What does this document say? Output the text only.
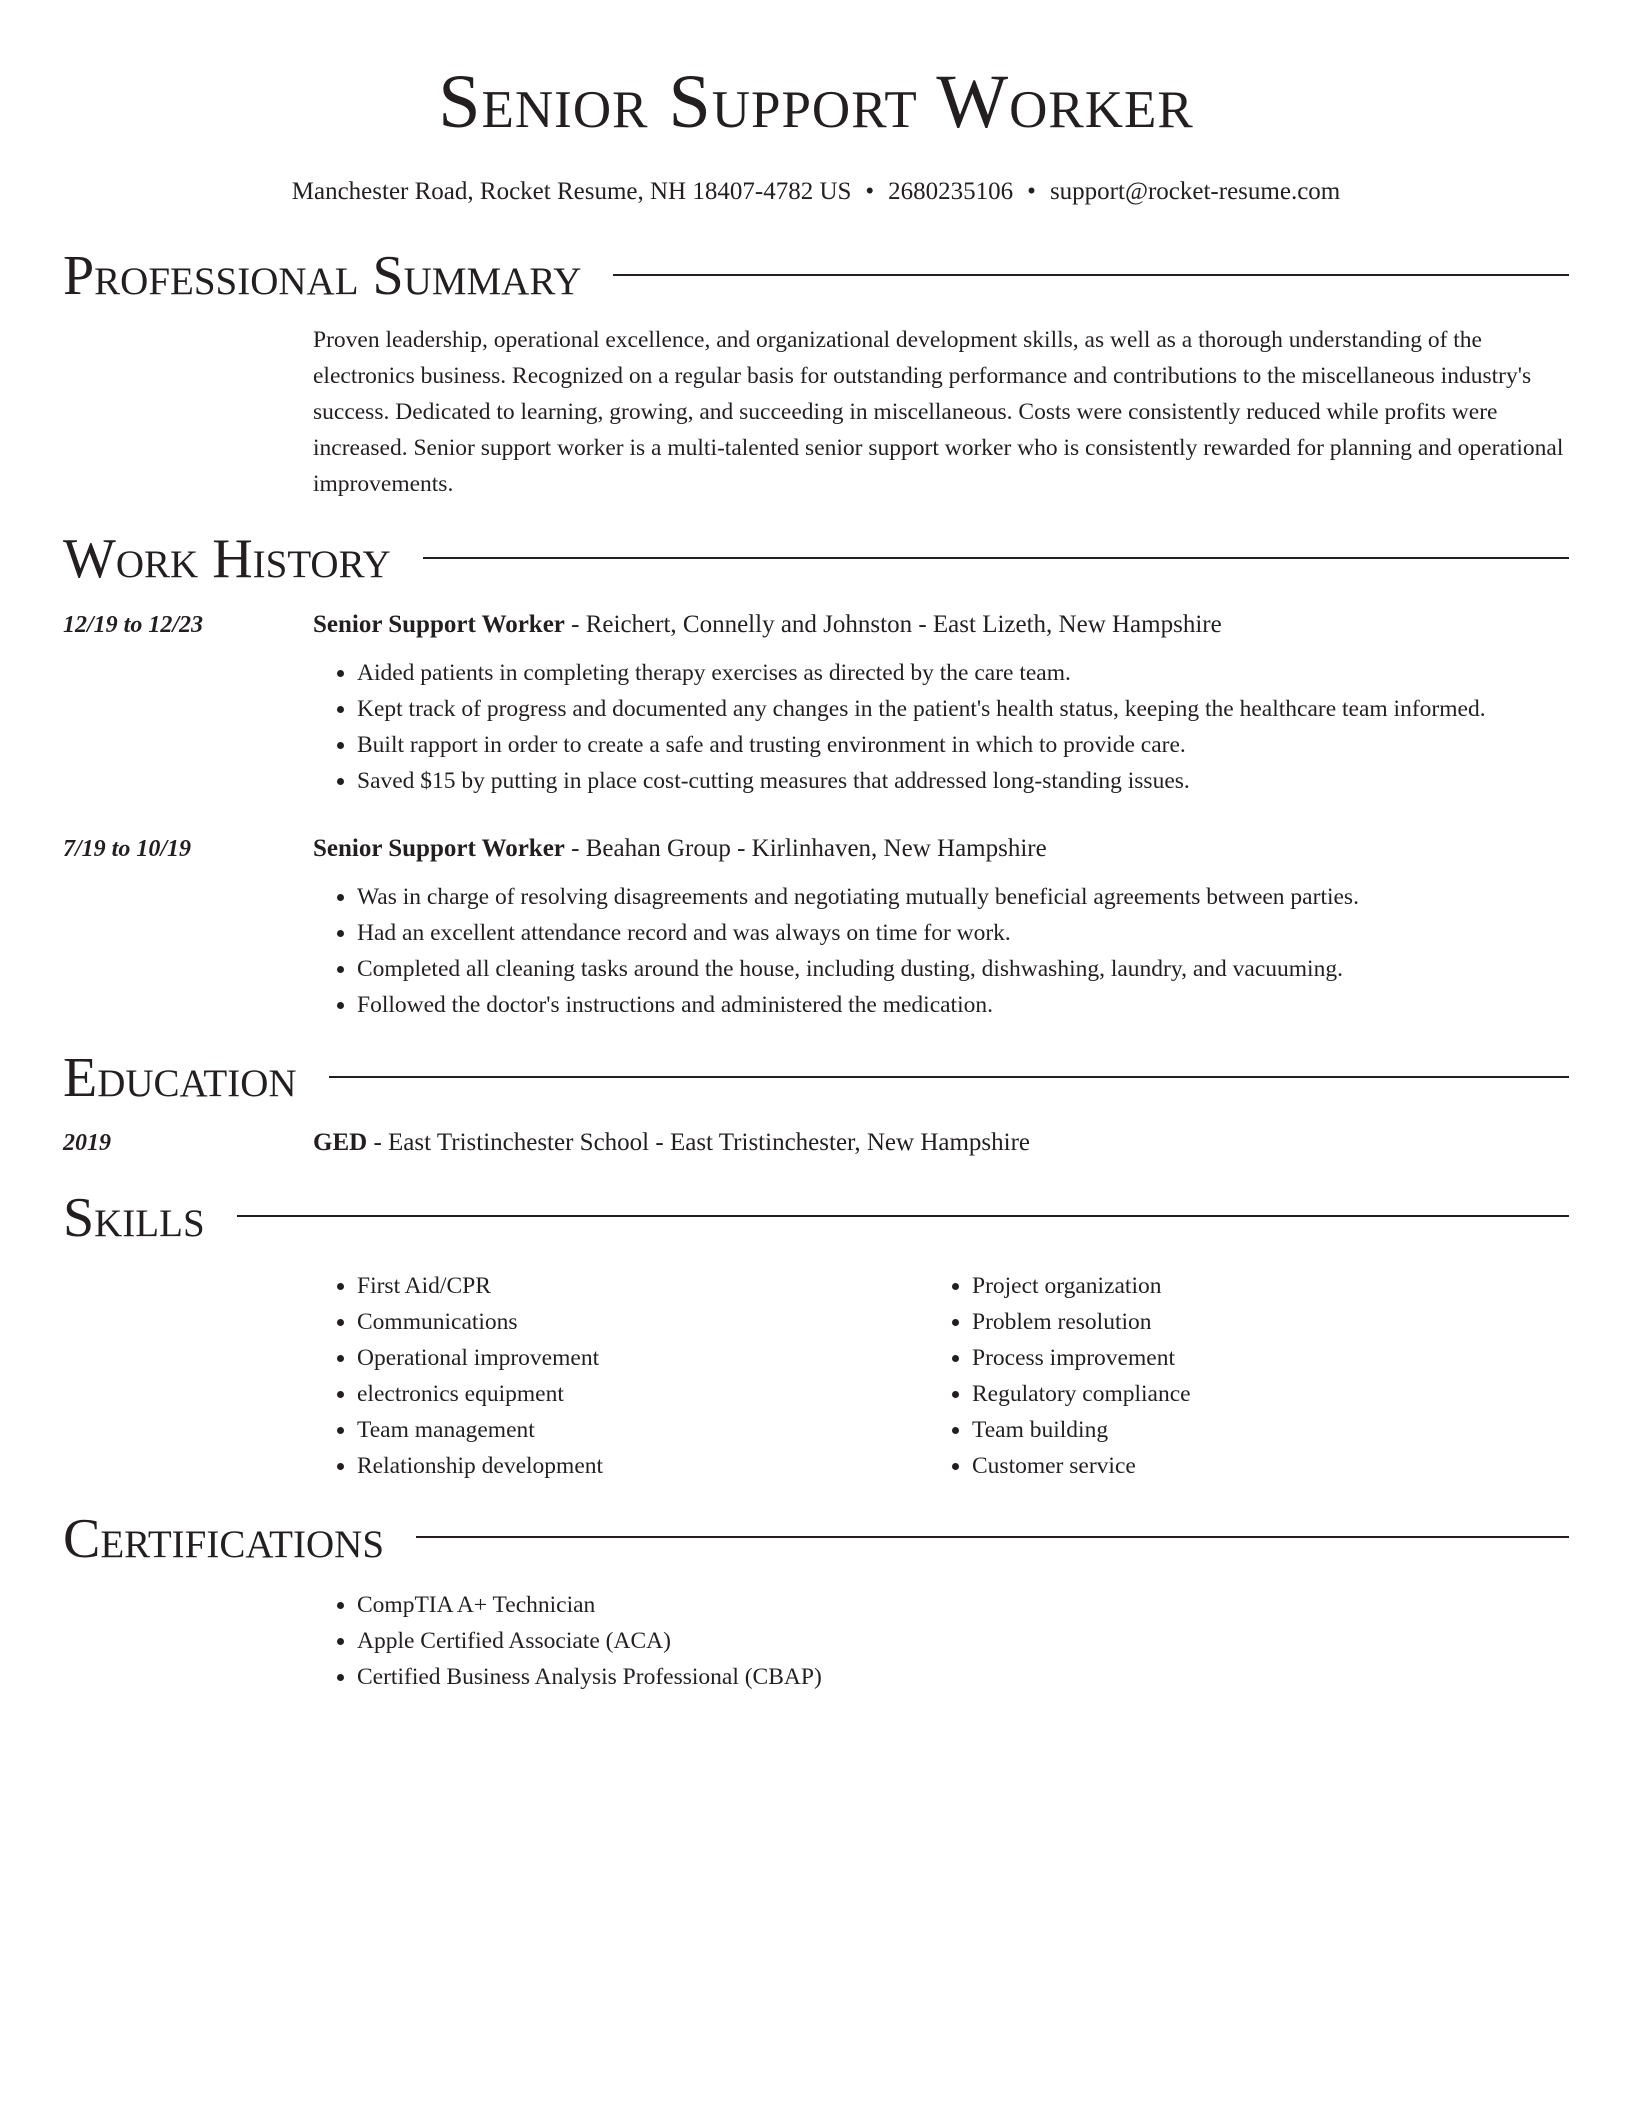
Senior Support Worker
Manchester Road, Rocket Resume, NH 18407-4782 US • 2680235106 • support@rocket-resume.com
Professional Summary
Proven leadership, operational excellence, and organizational development skills, as well as a thorough understanding of the electronics business. Recognized on a regular basis for outstanding performance and contributions to the miscellaneous industry's success. Dedicated to learning, growing, and succeeding in miscellaneous. Costs were consistently reduced while profits were increased. Senior support worker is a multi-talented senior support worker who is consistently rewarded for planning and operational improvements.
Work History
12/19 to 12/23	Senior Support Worker - Reichert, Connelly and Johnston - East Lizeth, New Hampshire
• Aided patients in completing therapy exercises as directed by the care team.
• Kept track of progress and documented any changes in the patient's health status, keeping the healthcare team informed.
• Built rapport in order to create a safe and trusting environment in which to provide care.
• Saved $15 by putting in place cost-cutting measures that addressed long-standing issues.
7/19 to 10/19	Senior Support Worker - Beahan Group - Kirlinhaven, New Hampshire
• Was in charge of resolving disagreements and negotiating mutually beneficial agreements between parties.
• Had an excellent attendance record and was always on time for work.
• Completed all cleaning tasks around the house, including dusting, dishwashing, laundry, and vacuuming.
• Followed the doctor's instructions and administered the medication.
Education
2019	GED - East Tristinchester School - East Tristinchester, New Hampshire
Skills
• First Aid/CPR
• Communications
• Operational improvement
• electronics equipment
• Team management
• Relationship development
• Project organization
• Problem resolution
• Process improvement
• Regulatory compliance
• Team building
• Customer service
Certifications
• CompTIA A+ Technician
• Apple Certified Associate (ACA)
• Certified Business Analysis Professional (CBAP)
